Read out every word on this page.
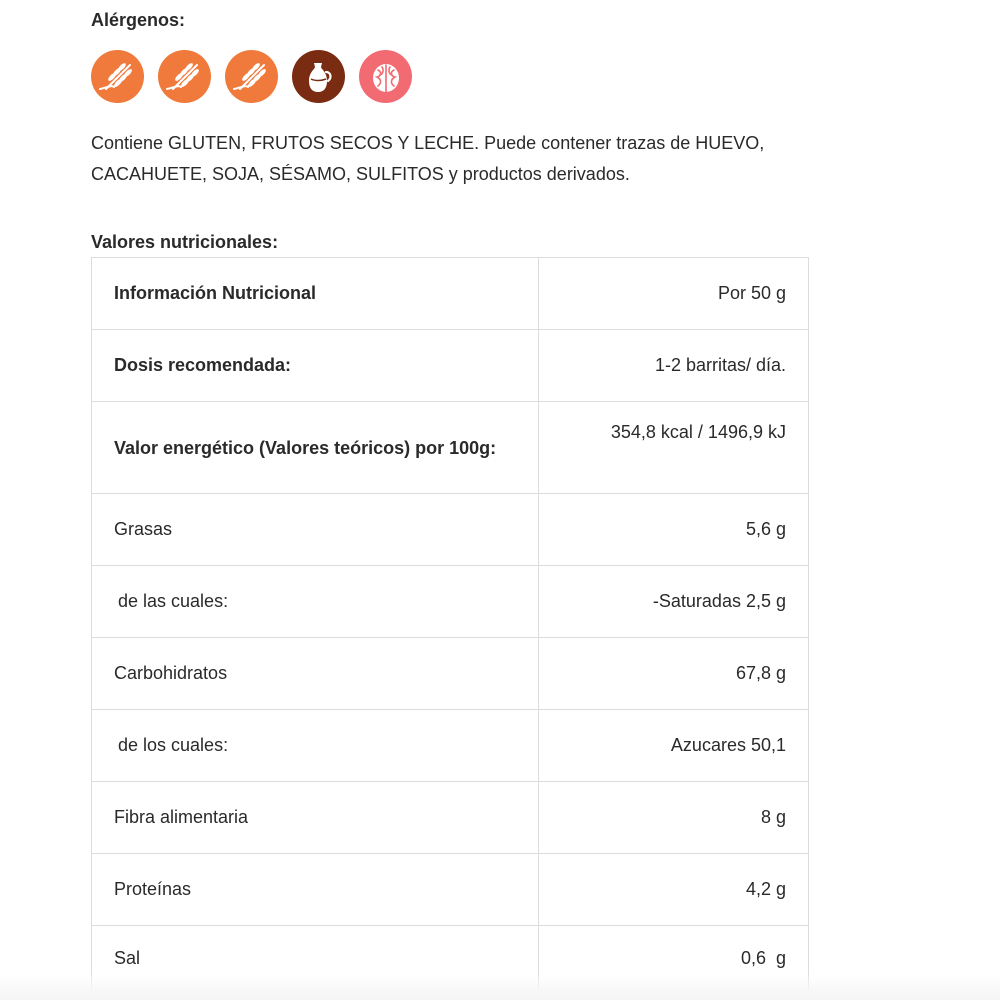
Alérgenos:

Contiene GLUTEN, FRUTOS SECOS Y LECHE. Puede contener trazas de HUEVO, CACAHUETE, SOJA, SÉSAMO, SULFITOS y productos derivados.

Valores nutricionales:
Información Nutricional	Por 50 g
Dosis recomendada:	1-2 barritas/ día.
Valor energético (Valores teóricos) por 100g:	354,8 kcal / 1496,9 kJ
Grasas	5,6 g
de las cuales:	-Saturadas 2,5 g
Carbohidratos	67,8 g
de los cuales:	Azucares 50,1
Fibra alimentaria	8 g
Proteínas	4,2 g
Sal	0,6  g
